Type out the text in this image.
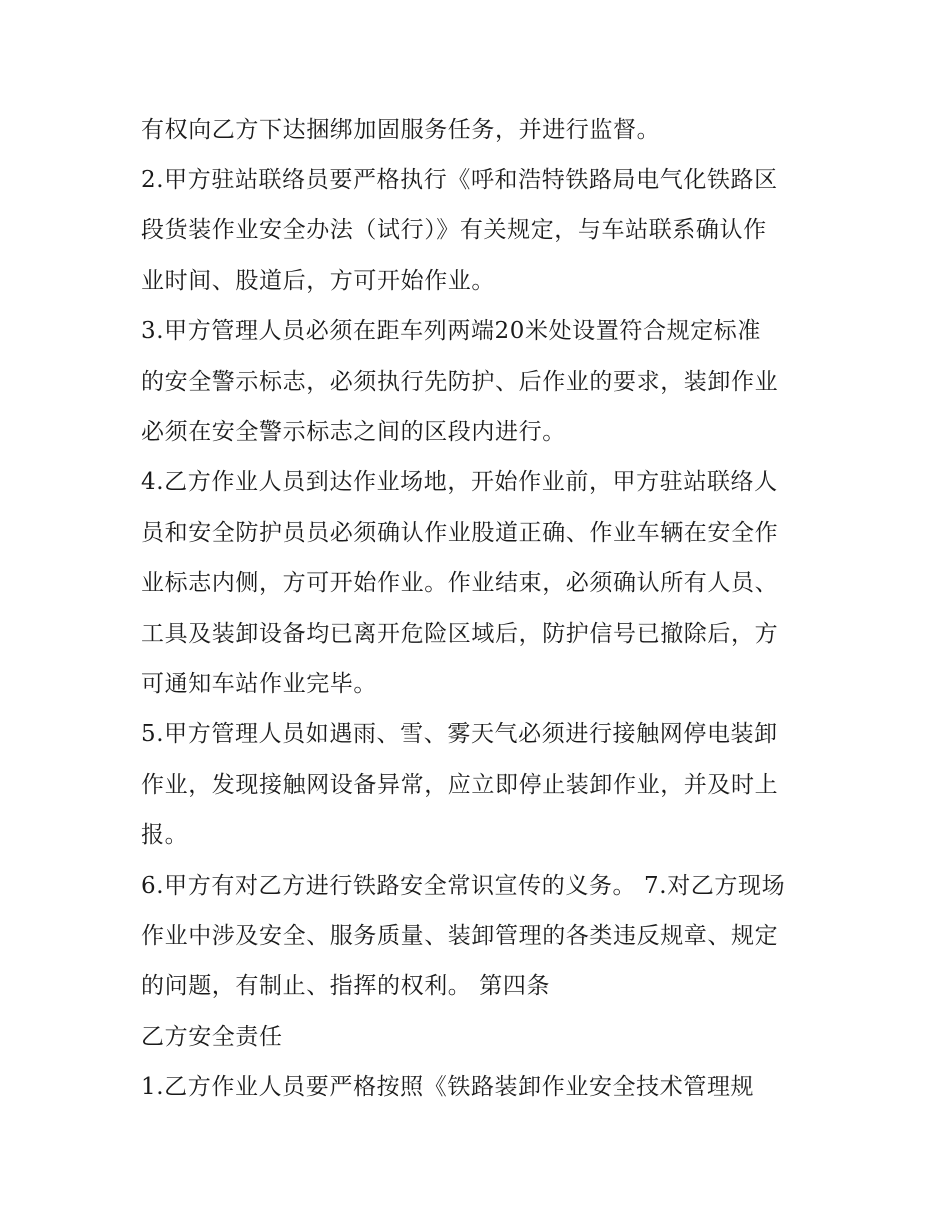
有权向乙方下达捆绑加固服务任务，并进行监督。
2.甲方驻站联络员要严格执行《呼和浩特铁路局电气化铁路区
段货装作业安全办法（试行）》有关规定，与车站联系确认作
业时间、股道后，方可开始作业。
3.甲方管理人员必须在距车列两端20米处设置符合规定标准
的安全警示标志，必须执行先防护、后作业的要求，装卸作业
必须在安全警示标志之间的区段内进行。
4.乙方作业人员到达作业场地，开始作业前，甲方驻站联络人
员和安全防护员员必须确认作业股道正确、作业车辆在安全作
业标志内侧，方可开始作业。作业结束，必须确认所有人员、
工具及装卸设备均已离开危险区域后，防护信号已撤除后，方
可通知车站作业完毕。
5.甲方管理人员如遇雨、雪、雾天气必须进行接触网停电装卸
作业，发现接触网设备异常，应立即停止装卸作业，并及时上
报。
6.甲方有对乙方进行铁路安全常识宣传的义务。 7.对乙方现场
作业中涉及安全、服务质量、装卸管理的各类违反规章、规定
的问题，有制止、指挥的权利。 第四条
乙方安全责任
1.乙方作业人员要严格按照《铁路装卸作业安全技术管理规
